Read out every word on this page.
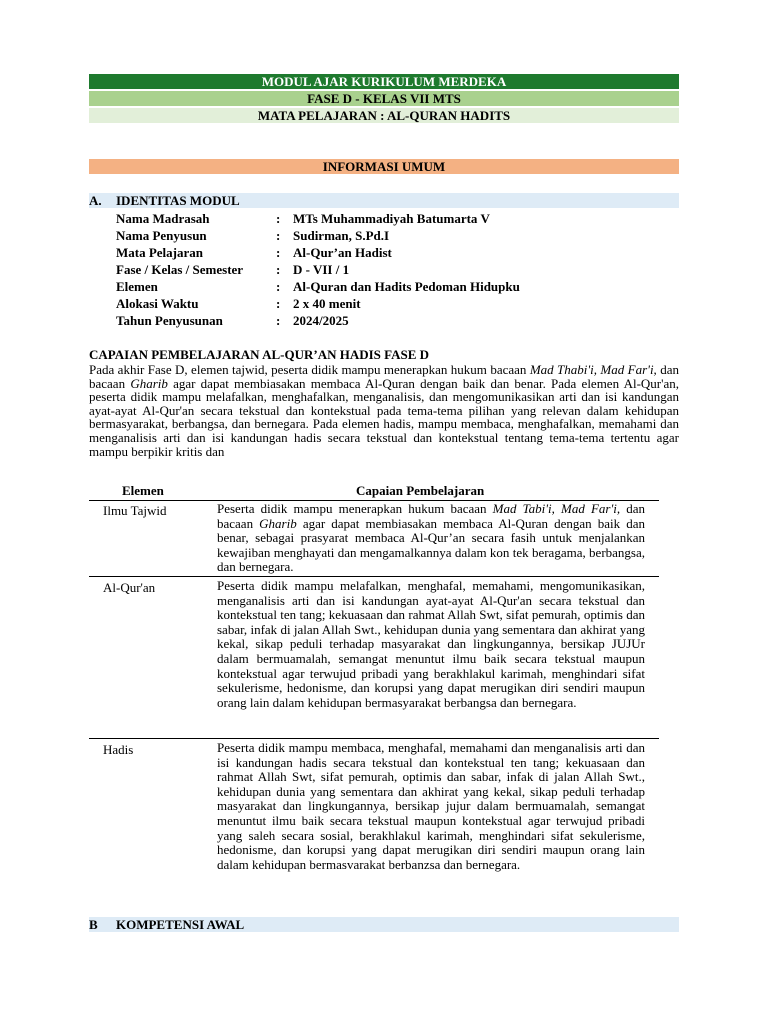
MODUL AJAR KURIKULUM MERDEKA
FASE D - KELAS VII MTS
MATA PELAJARAN : AL-QURAN HADITS
INFORMASI UMUM
A. IDENTITAS MODUL
Nama Madrasah	: MTs Muhammadiyah Batumarta V
Nama Penyusun	: Sudirman, S.Pd.I
Mata Pelajaran	: Al-Qur’an Hadist
Fase / Kelas / Semester	: D - VII / 1
Elemen	: Al-Quran dan Hadits Pedoman Hidupku
Alokasi Waktu	: 2 x 40 menit
Tahun Penyusunan	: 2024/2025
CAPAIAN PEMBELAJARAN AL-QUR’AN HADIS FASE D
Pada akhir Fase D, elemen tajwid, peserta didik mampu menerapkan hukum bacaan Mad Thabi'i, Mad Far'i, dan bacaan Gharib agar dapat membiasakan membaca Al-Quran dengan baik dan benar. Pada elemen Al-Qur'an, peserta didik mampu melafalkan, menghafalkan, menganalisis, dan mengomunikasikan arti dan isi kandungan ayat-ayat Al-Qur'an secara tekstual dan kontekstual pada tema-tema pilihan yang relevan dalam kehidupan bermasyarakat, berbangsa, dan bernegara. Pada elemen hadis, mampu membaca, menghafalkan, memahami dan menganalisis arti dan isi kandungan hadis secara tekstual dan kontekstual tentang tema-tema tertentu agar mampu berpikir kritis dan
Elemen	Capaian Pembelajaran
Ilmu Tajwid	Peserta didik mampu menerapkan hukum bacaan Mad Tabi'i, Mad Far'i, dan bacaan Gharib agar dapat membiasakan membaca Al-Quran dengan baik dan benar, sebagai prasyarat membaca Al-Qur’an secara fasih untuk menjalankan kewajiban menghayati dan mengamalkannya dalam kon tek beragama, berbangsa, dan bernegara.
Al-Qur'an	Peserta didik mampu melafalkan, menghafal, memahami, mengomunikasikan, menganalisis arti dan isi kandungan ayat-ayat Al-Qur'an secara tekstual dan kontekstual ten tang; kekuasaan dan rahmat Allah Swt, sifat pemurah, optimis dan sabar, infak di jalan Allah Swt., kehidupan dunia yang sementara dan akhirat yang kekal, sikap peduli terhadap masyarakat dan lingkungannya, bersikap JUJUr dalam bermuamalah, semangat menuntut ilmu baik secara tekstual maupun kontekstual agar terwujud pribadi yang berakhlakul karimah, menghindari sifat sekulerisme, hedonisme, dan korupsi yang dapat merugikan diri sendiri maupun orang lain dalam kehidupan bermasyarakat berbangsa dan bernegara.
Hadis	Peserta didik mampu membaca, menghafal, memahami dan menganalisis arti dan isi kandungan hadis secara tekstual dan kontekstual ten tang; kekuasaan dan rahmat Allah Swt, sifat pemurah, optimis dan sabar, infak di jalan Allah Swt., kehidupan dunia yang sementara dan akhirat yang kekal, sikap peduli terhadap masyarakat dan lingkungannya, bersikap jujur dalam bermuamalah, semangat menuntut ilmu baik secara tekstual maupun kontekstual agar terwujud pribadi yang saleh secara sosial, berakhlakul karimah, menghindari sifat sekulerisme, hedonisme, dan korupsi yang dapat merugikan diri sendiri maupun orang lain dalam kehidupan bermasvarakat berbanzsa dan bernegara.
B KOMPETENSI AWAL
